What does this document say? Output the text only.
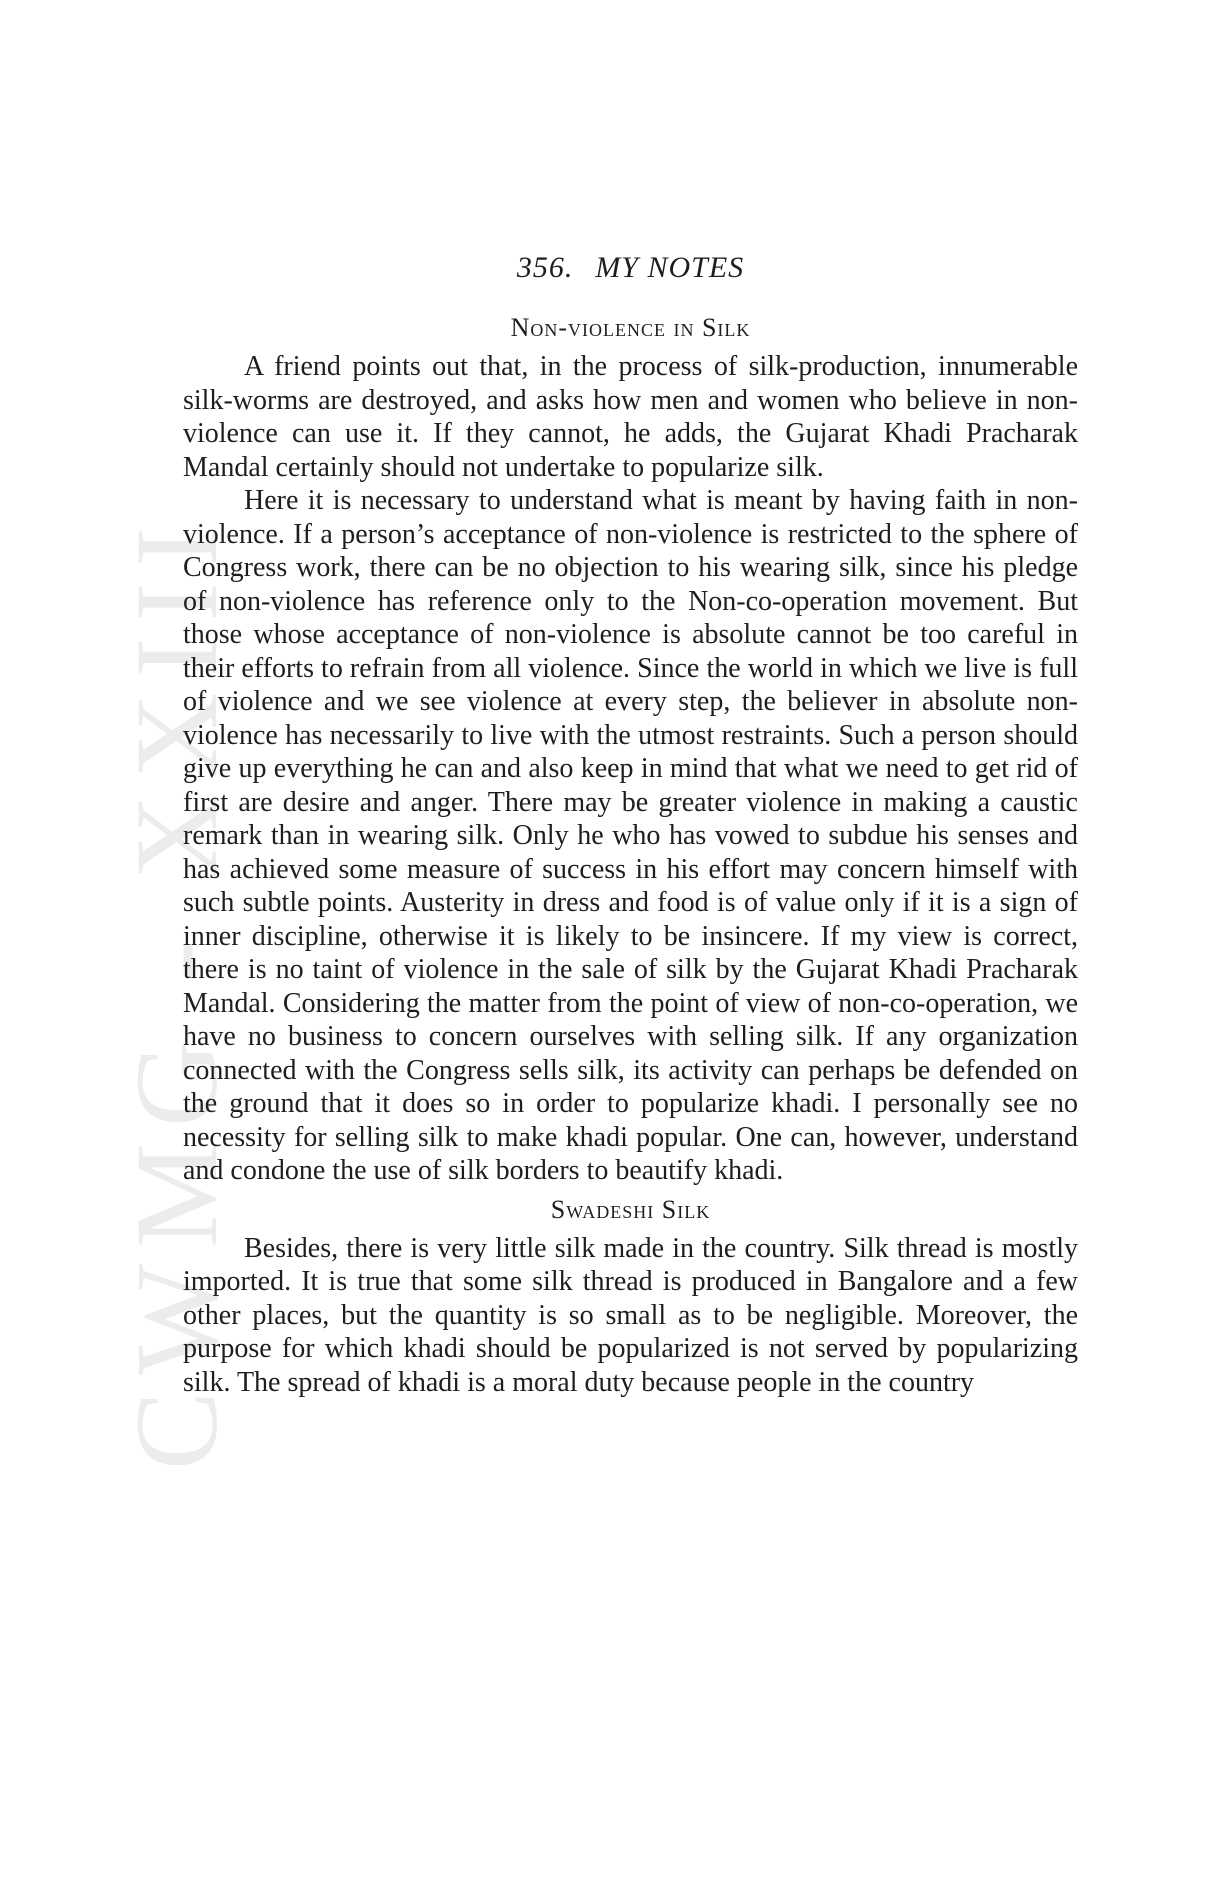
CWMG - XXIII
356. MY NOTES
Non-violence in Silk

A friend points out that, in the process of silk-production, innumerable silk-worms are destroyed, and asks how men and women who believe in non-violence can use it. If they cannot, he adds, the Gujarat Khadi Pracharak Mandal certainly should not undertake to popularize silk.

Here it is necessary to understand what is meant by having faith in non-violence. If a person’s acceptance of non-violence is restricted to the sphere of Congress work, there can be no objection to his wearing silk, since his pledge of non-violence has reference only to the Non-co-operation movement. But those whose acceptance of non-violence is absolute cannot be too careful in their efforts to refrain from all violence. Since the world in which we live is full of violence and we see violence at every step, the believer in absolute non-violence has necessarily to live with the utmost restraints. Such a person should give up everything he can and also keep in mind that what we need to get rid of first are desire and anger. There may be greater violence in making a caustic remark than in wearing silk. Only he who has vowed to subdue his senses and has achieved some measure of success in his effort may concern himself with such subtle points. Austerity in dress and food is of value only if it is a sign of inner discipline, otherwise it is likely to be insincere. If my view is correct, there is no taint of violence in the sale of silk by the Gujarat Khadi Pracharak Mandal. Considering the matter from the point of view of non-co-operation, we have no business to concern ourselves with selling silk. If any organization connected with the Congress sells silk, its activity can perhaps be defended on the ground that it does so in order to popularize khadi. I personally see no necessity for selling silk to make khadi popular. One can, however, understand and condone the use of silk borders to beautify khadi.

Swadeshi Silk

Besides, there is very little silk made in the country. Silk thread is mostly imported. It is true that some silk thread is produced in Bangalore and a few other places, but the quantity is so small as to be negligible. Moreover, the purpose for which khadi should be popularized is not served by popularizing silk. The spread of khadi is a moral duty because people in the country
